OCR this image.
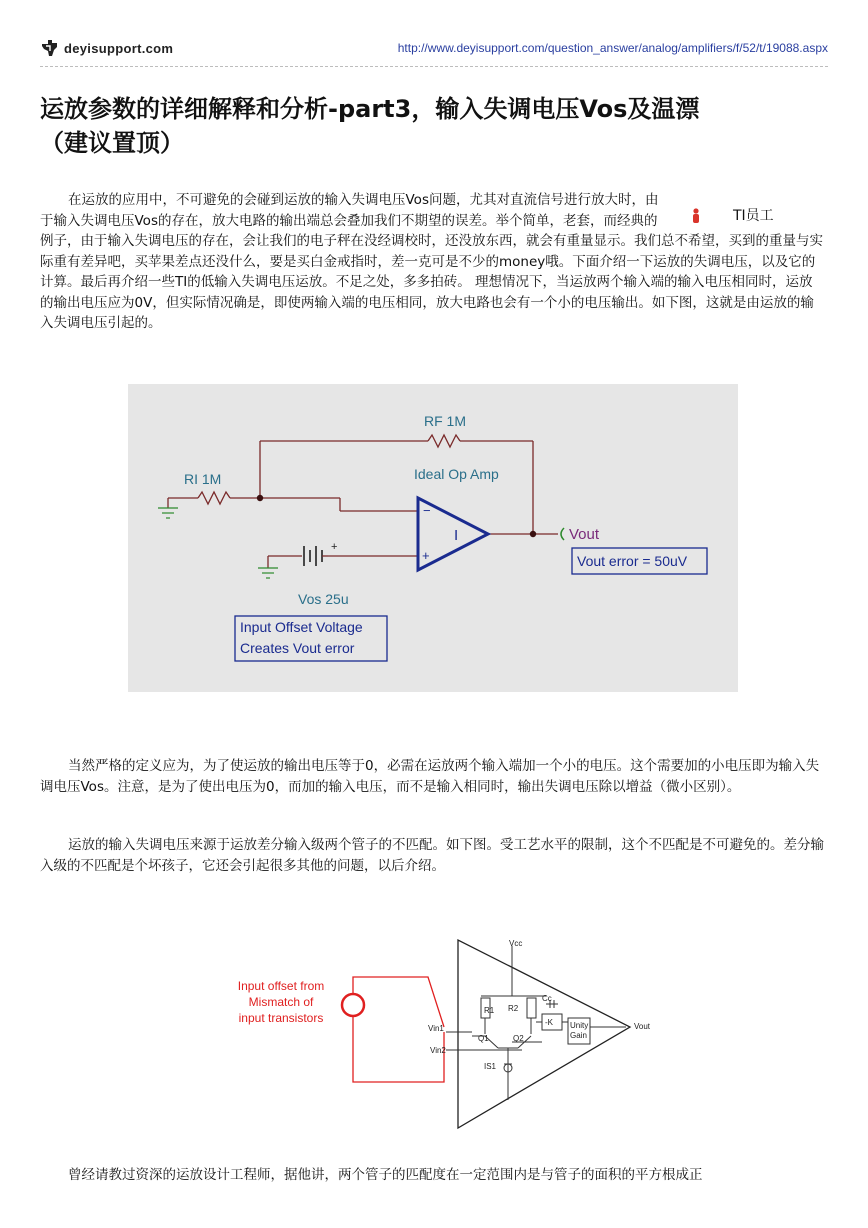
deyisupport.com	http://www.deyisupport.com/question_answer/analog/amplifiers/f/52/t/19088.aspx
运放参数的详细解释和分析-part3，输入失调电压Vos及温漂
（建议置顶）
TI员工
在运放的应用中，不可避免的会碰到运放的输入失调电压Vos问题，尤其对直流信号进行放大时，由于输入失调电压Vos的存在，放大电路的输出端总会叠加我们不期望的误差。举个简单，老套，而经典的例子，由于输入失调电压的存在，会让我们的电子秤在没经调校时，还没放东西，就会有重量显示。我们总不希望，买到的重量与实际重有差异吧，买苹果差点还没什么，要是买白金戒指时，差一克可是不少的money哦。下面介绍一下运放的失调电压，以及它的计算。最后再介绍一些TI的低输入失调电压运放。不足之处，多多拍砖。 理想情况下，当运放两个输入端的输入电压相同时，运放的输出电压应为0V，但实际情况确是，即使两输入端的电压相同，放大电路也会有一个小的电压输出。如下图，这就是由运放的输入失调电压引起的。
RF 1M
RI 1M	Ideal Op Amp
I
−
+
+
Vos 25u
Vout
Vout error = 50uV
Input Offset Voltage
Creates Vout error
当然严格的定义应为，为了使运放的输出电压等于0，必需在运放两个输入端加一个小的电压。这个需要加的小电压即为输入失调电压Vos。注意，是为了使出电压为0，而加的输入电压，而不是输入相同时，输出失调电压除以增益（微小区别）。
运放的输入失调电压来源于运放差分输入级两个管子的不匹配。如下图。受工艺水平的限制，这个不匹配是不可避免的。差分输入级的不匹配是个坏孩子，它还会引起很多其他的问题，以后介绍。
Input offset from
Mismatch of
input transistors
Vcc
R1 R2
Cc
-K Unity
Gain
Vout
Vin1
Vin2
Q1	Q2
IS1
曾经请教过资深的运放设计工程师，据他讲，两个管子的匹配度在一定范围内是与管子的面积的平方根成正
